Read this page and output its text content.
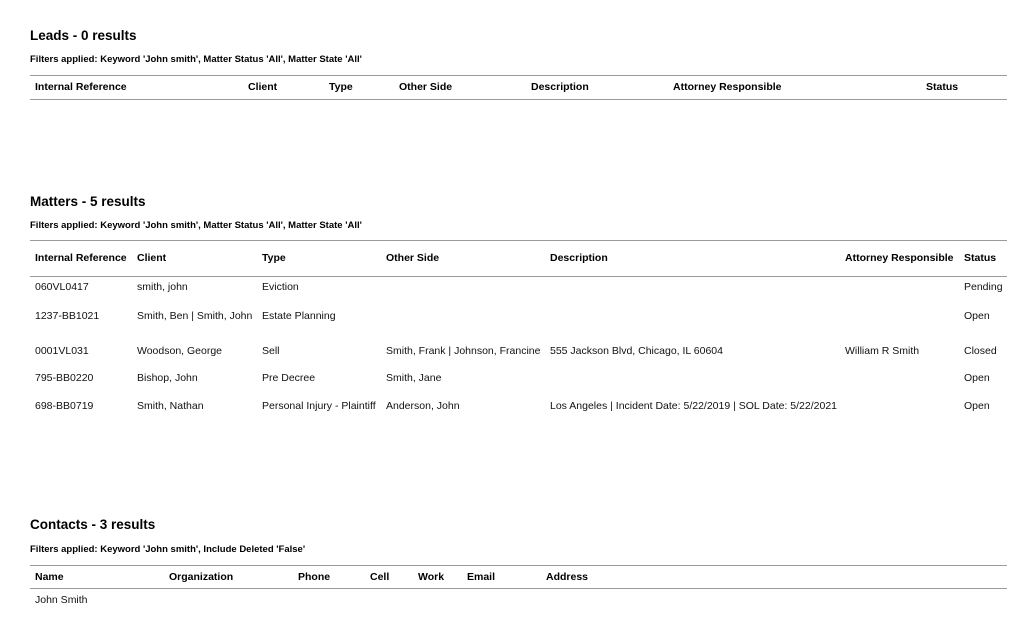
Leads - 0 results
Filters applied: Keyword 'John smith', Matter Status 'All', Matter State 'All'
Internal Reference	Client	Type	Other Side	Description	Attorney Responsible	Status
Matters - 5 results
Filters applied: Keyword 'John smith', Matter Status 'All', Matter State 'All'
Internal Reference	Client	Type	Other Side	Description	Attorney Responsible	Status
060VL0417	smith, john	Eviction				Pending
1237-BB1021	Smith, Ben | Smith, John	Estate Planning				Open
0001VL031	Woodson, George	Sell	Smith, Frank | Johnson, Francine	555 Jackson Blvd, Chicago, IL 60604	William R Smith	Closed
795-BB0220	Bishop, John	Pre Decree	Smith, Jane			Open
698-BB0719	Smith, Nathan	Personal Injury - Plaintiff	Anderson, John	Los Angeles | Incident Date: 5/22/2019 | SOL Date: 5/22/2021		Open
Contacts - 3 results
Filters applied: Keyword 'John smith', Include Deleted 'False'
Name	Organization	Phone	Cell	Work	Email	Address
John Smith						
